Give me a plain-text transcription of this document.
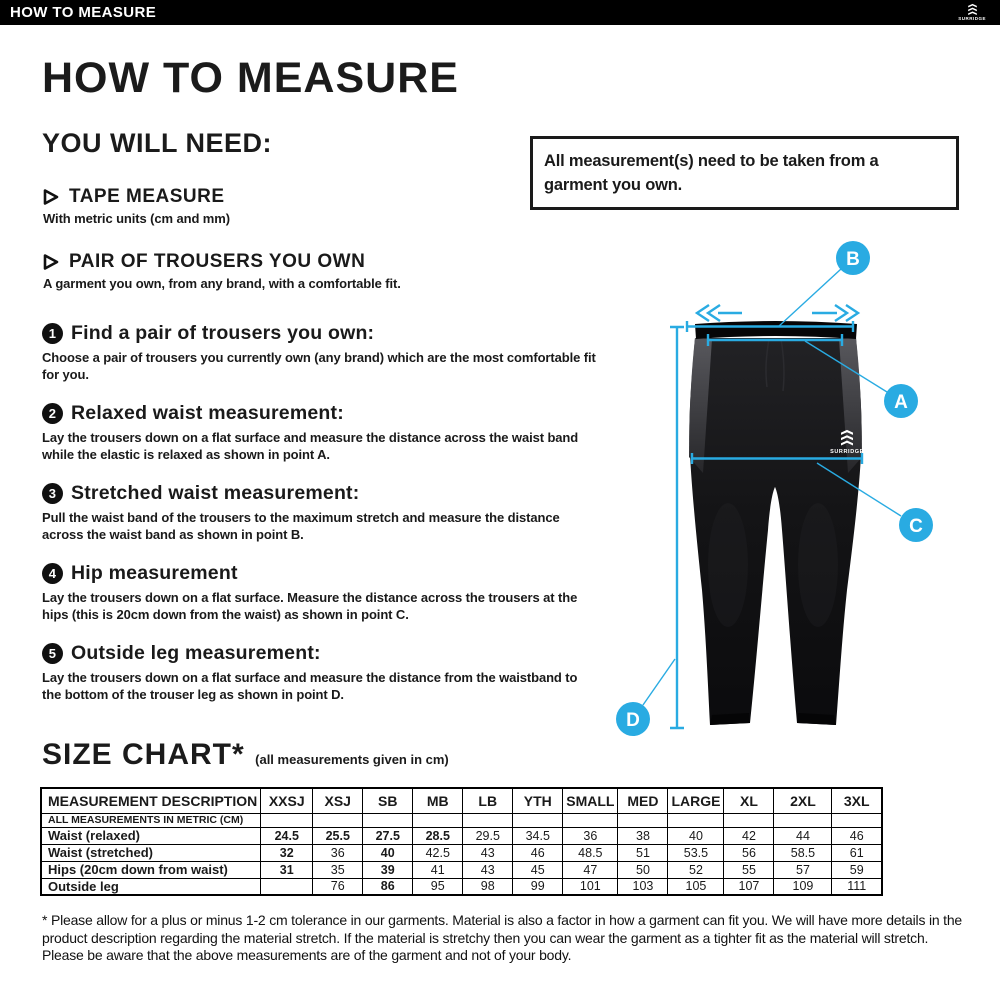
HOW TO MEASURE	SURRIDGE
HOW TO MEASURE
YOU WILL NEED:
TAPE MEASURE
With metric units (cm and mm)
PAIR OF TROUSERS YOU OWN
A garment you own, from any brand, with a comfortable fit.
All measurement(s) need to be taken from a garment you own.
1 Find a pair of trousers you own:
Choose a pair of trousers you currently own (any brand) which are the most comfortable fit for you.
2 Relaxed waist measurement:
Lay the trousers down on a flat surface and measure the distance across the waist band while the elastic is relaxed as shown in point A.
3 Stretched waist measurement:
Pull the waist band of the trousers to the maximum stretch and measure the distance across the waist band as shown in point B.
4 Hip measurement
Lay the trousers down on a flat surface. Measure the distance across the trousers at the hips (this is 20cm down from the waist) as shown in point C.
5 Outside leg measurement:
Lay the trousers down on a flat surface and measure the distance from the waistband to the bottom of the trouser leg as shown in point D.
SURRIDGE
B
A
C
D
SIZE CHART* (all measurements given in cm)
MEASUREMENT DESCRIPTION	XXSJ	XSJ	SB	MB	LB	YTH	SMALL	MED	LARGE	XL	2XL	3XL
ALL MEASUREMENTS IN METRIC (CM)												
Waist (relaxed)	24.5	25.5	27.5	28.5	29.5	34.5	36	38	40	42	44	46
Waist (stretched)	32	36	40	42.5	43	46	48.5	51	53.5	56	58.5	61
Hips (20cm down from waist)	31	35	39	41	43	45	47	50	52	55	57	59
Outside leg		76	86	95	98	99	101	103	105	107	109	111
* Please allow for a plus or minus 1-2 cm tolerance in our garments. Material is also a factor in how a garment can fit you. We will have more details in the product description regarding the material stretch. If the material is stretchy then you can wear the garment as a tighter fit as the material will stretch. Please be aware that the above measurements are of the garment and not of your body.
